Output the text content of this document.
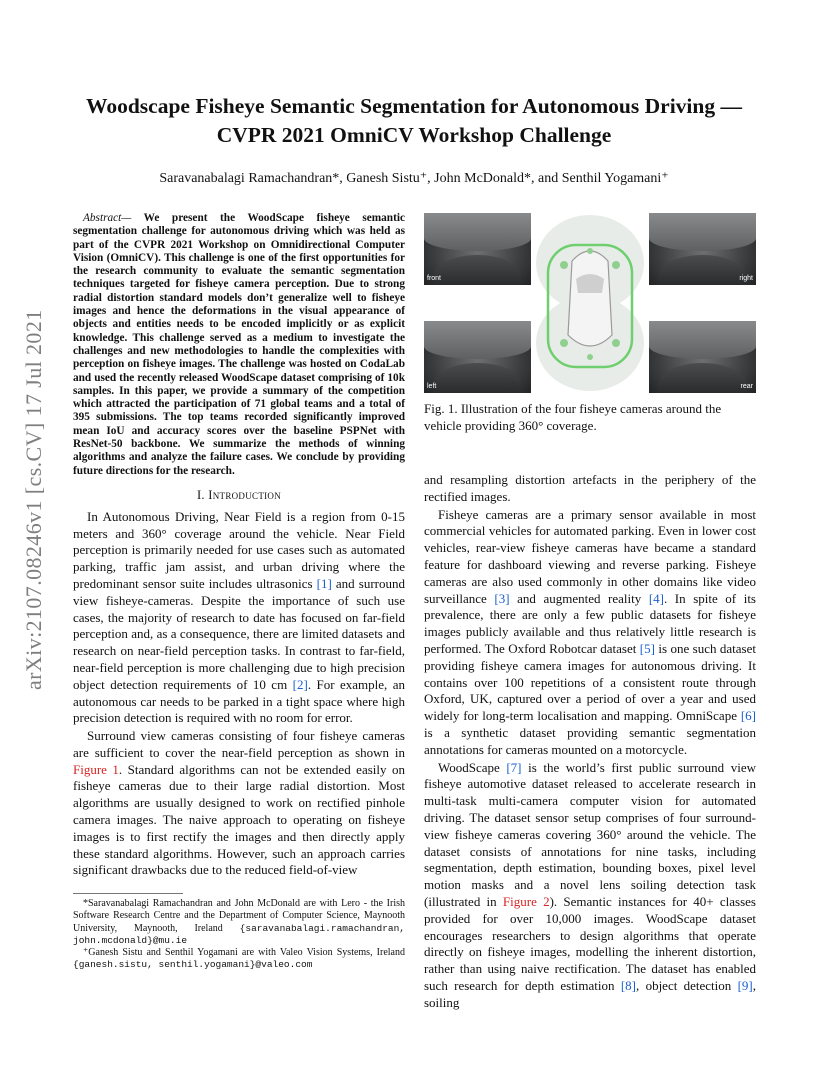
arXiv:2107.08246v1 [cs.CV] 17 Jul 2021
Woodscape Fisheye Semantic Segmentation for Autonomous Driving —
CVPR 2021 OmniCV Workshop Challenge
Saravanabalagi Ramachandran*, Ganesh Sistu⁺, John McDonald*, and Senthil Yogamani⁺

Abstract— We present the WoodScape fisheye semantic segmentation challenge for autonomous driving which was held as part of the CVPR 2021 Workshop on Omnidirectional Computer Vision (OmniCV). This challenge is one of the first opportunities for the research community to evaluate the semantic segmentation techniques targeted for fisheye camera perception. Due to strong radial distortion standard models don’t generalize well to fisheye images and hence the deformations in the visual appearance of objects and entities needs to be encoded implicitly or as explicit knowledge. This challenge served as a medium to investigate the challenges and new methodologies to handle the complexities with perception on fisheye images. The challenge was hosted on CodaLab and used the recently released WoodScape dataset comprising of 10k samples. In this paper, we provide a summary of the competition which attracted the participation of 71 global teams and a total of 395 submissions. The top teams recorded significantly improved mean IoU and accuracy scores over the baseline PSPNet with ResNet-50 backbone. We summarize the methods of winning algorithms and analyze the failure cases. We conclude by providing future directions for the research.

I. Introduction

In Autonomous Driving, Near Field is a region from 0-15 meters and 360° coverage around the vehicle. Near Field perception is primarily needed for use cases such as automated parking, traffic jam assist, and urban driving where the predominant sensor suite includes ultrasonics [1] and surround view fisheye-cameras. Despite the importance of such use cases, the majority of research to date has focused on far-field perception and, as a consequence, there are limited datasets and research on near-field perception tasks. In contrast to far-field, near-field perception is more challenging due to high precision object detection requirements of 10 cm [2]. For example, an autonomous car needs to be parked in a tight space where high precision detection is required with no room for error.

Surround view cameras consisting of four fisheye cameras are sufficient to cover the near-field perception as shown in Figure 1. Standard algorithms can not be extended easily on fisheye cameras due to their large radial distortion. Most algorithms are usually designed to work on rectified pinhole camera images. The naive approach to operating on fisheye images is to first rectify the images and then directly apply these standard algorithms. However, such an approach carries significant drawbacks due to the reduced field-of-view

*Saravanabalagi Ramachandran and John McDonald are with Lero - the Irish Software Research Centre and the Department of Computer Science, Maynooth University, Maynooth, Ireland {saravanabalagi.ramachandran, john.mcdonald}@mu.ie

⁺Ganesh Sistu and Senthil Yogamani are with Valeo Vision Systems, Ireland {ganesh.sistu, senthil.yogamani}@valeo.com

front	right
left	rear
Fig. 1. Illustration of the four fisheye cameras around the vehicle providing 360° coverage.

and resampling distortion artefacts in the periphery of the rectified images.

Fisheye cameras are a primary sensor available in most commercial vehicles for automated parking. Even in lower cost vehicles, rear-view fisheye cameras have became a standard feature for dashboard viewing and reverse parking. Fisheye cameras are also used commonly in other domains like video surveillance [3] and augmented reality [4]. In spite of its prevalence, there are only a few public datasets for fisheye images publicly available and thus relatively little research is performed. The Oxford Robotcar dataset [5] is one such dataset providing fisheye camera images for autonomous driving. It contains over 100 repetitions of a consistent route through Oxford, UK, captured over a period of over a year and used widely for long-term localisation and mapping. OmniScape [6] is a synthetic dataset providing semantic segmentation annotations for cameras mounted on a motorcycle.

WoodScape [7] is the world’s first public surround view fisheye automotive dataset released to accelerate research in multi-task multi-camera computer vision for automated driving. The dataset sensor setup comprises of four surround-view fisheye cameras covering 360° around the vehicle. The dataset consists of annotations for nine tasks, including segmentation, depth estimation, bounding boxes, pixel level motion masks and a novel lens soiling detection task (illustrated in Figure 2). Semantic instances for 40+ classes provided for over 10,000 images. WoodScape dataset encourages researchers to design algorithms that operate directly on fisheye images, modelling the inherent distortion, rather than using naive rectification. The dataset has enabled such research for depth estimation [8], object detection [9], soiling
